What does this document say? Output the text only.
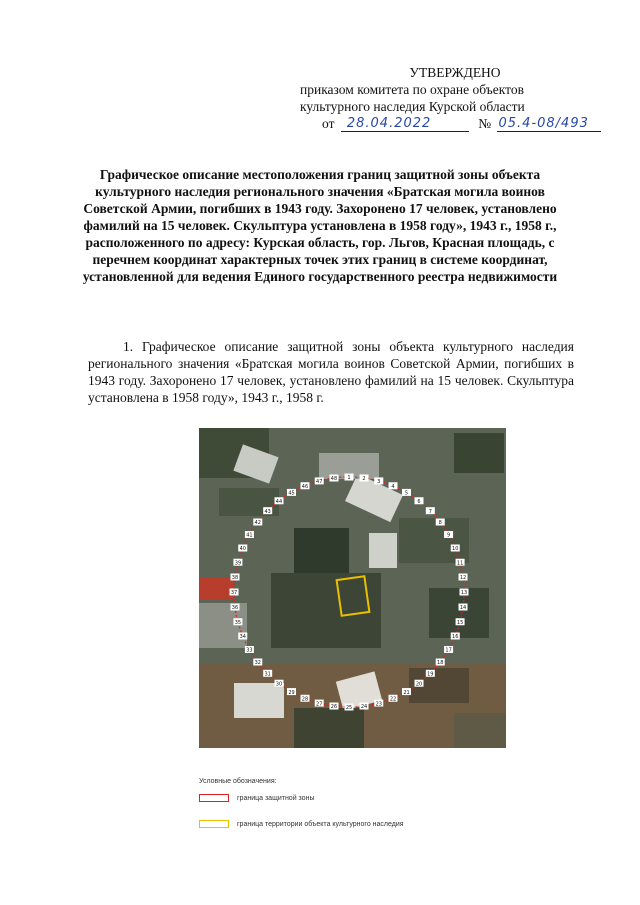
УТВЕРЖДЕНО
приказом комитета по охране объектов
культурного наследия Курской области
от 28.04.2022	№ 05.4-08/493
Графическое описание местоположения границ защитной зоны объекта культурного наследия регионального значения «Братская могила воинов Советской Армии, погибших в 1943 году. Захоронено 17 человек, установлено фамилий на 15 человек. Скульптура установлена в 1958 году», 1943 г., 1958 г., расположенного по адресу: Курская область, гор. Льгов, Красная площадь, с перечнем координат характерных точек этих границ в системе координат, установленной для ведения Единого государственного реестра недвижимости
1. Графическое описание защитной зоны объекта культурного наследия регионального значения «Братская могила воинов Советской Армии, погибших в 1943 году. Захоронено 17 человек, установлено фамилий на 15 человек. Скульптура установлена в 1958 году», 1943 г., 1958 г.
1 2 3
4
5
6
7
8
9
10
11
12
13
14
15
16
17
18
19
20
21
22
23
24
25
26
27
28
29
30
31
32
33
34
35
36
37
38
39
40
41
42
43
44
45
46
47 48
Условные обозначения:
граница защитной зоны
граница территории объекта культурного наследия
